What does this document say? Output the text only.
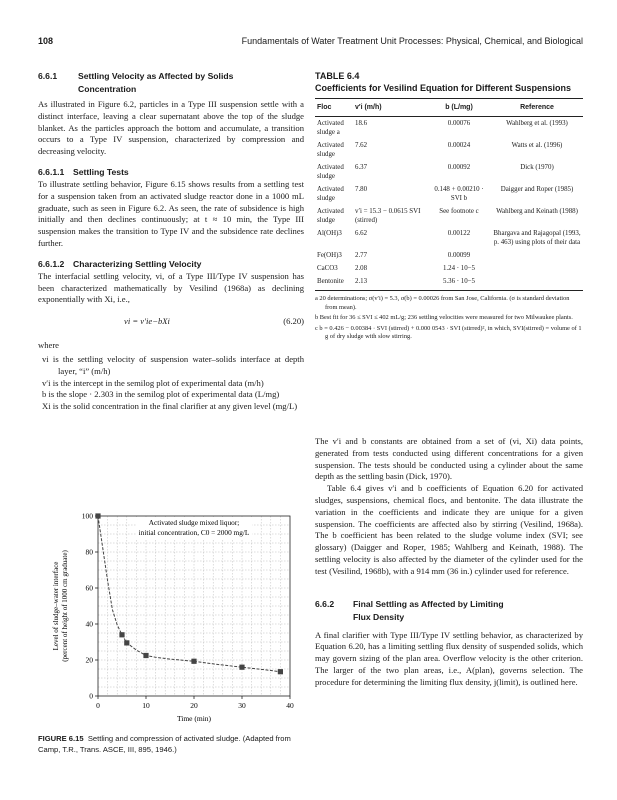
108	Fundamentals of Water Treatment Unit Processes: Physical, Chemical, and Biological
6.6.1 Settling Velocity as Affected by Solids
Concentration

As illustrated in Figure 6.2, particles in a Type III suspension settle with a distinct interface, leaving a clear supernatant above the top of the sludge blanket. As the particles approach the bottom and accumulate, a transition occurs to a Type IV suspension, characterized by compression and decreasing velocity.

6.6.1.1 Settling Tests

To illustrate settling behavior, Figure 6.15 shows results from a settling test for a suspension taken from an activated sludge reactor done in a 1000 mL graduate, such as seen in Figure 6.2. As seen, the rate of subsidence is high initially and then declines continuously; at t ≈ 10 min, the Type III suspension makes the transition to Type IV and the subsidence rate declines further.

6.6.1.2 Characterizing Settling Velocity

The interfacial settling velocity, vi, of a Type III/Type IV suspension has been characterized mathematically by Vesilind (1968a) as declining exponentially with Xi, i.e.,

vi = v′ie−bXi	(6.20)

where

vi is the settling velocity of suspension water–solids interface at depth layer, “i” (m/h)
v′i is the intercept in the semilog plot of experimental data (m/h)
b is the slope · 2.303 in the semilog plot of experimental data (L/mg)
Xi is the solid concentration in the final clarifier at any given level (mg/L)
0	10	20	30	40
0
20
40
60
80
100
Time (min)
Level of sludge–water interface (percent of height of 1000 cm graduate)
Activated sludge mixed liquor;
initial concentration, C0 = 2000 mg/L
FIGURE 6.15 Settling and compression of activated sludge. (Adapted from Camp, T.R., Trans. ASCE, III, 895, 1946.)

TABLE 6.4

Coefficients for Vesilind Equation for Different Suspensions

Floc	v′i (m/h)	b (L/mg)	Reference
Activated sludge a	18.6	0.00076	Wahlberg et al. (1993)
Activated sludge	7.62	0.00024	Watts et al. (1996)
Activated sludge	6.37	0.00092	Dick (1970)
Activated sludge	7.80	0.148 + 0.00210 · SVI b	Daigger and Roper (1985)
Activated sludge	v′i = 15.3 − 0.0615 SVI (stirred)	See footnote c	Wahlberg and Keinath (1988)
Al(OH)3	6.62	0.00122	Bhargava and Rajagopal (1993, p. 463) using plots of their data
Fe(OH)3	2.77	0.00099	
CaCO3	2.08	1.24 · 10−5	
Bentonite	2.13	5.36 · 10−5	

a 20 determinations; σ(v′i) = 5.3, σ(b) = 0.00026 from San Jose, California. (σ is standard deviation from mean).

b Best fit for 36 ≤ SVI ≤ 402 mL/g; 236 settling velocities were measured for two Milwaukee plants.

c b = 0.426 − 0.00384 · SVI (stirred) + 0.000 0543 · SVI (stirred)², in which, SVI(stirred) = volume of 1 g of dry sludge with slow stirring.

The v′i and b constants are obtained from a set of (vi, Xi) data points, generated from tests conducted using different concentrations for a given suspension. The tests should be conducted using a cylinder about the same depth as the settling basin (Dick, 1970).

Table 6.4 gives v′i and b coefficients of Equation 6.20 for activated sludges, suspensions, chemical flocs, and bentonite. The data illustrate the variation in the coefficients and indicate they are unique for a given suspension. The coefficients are affected also by stirring (Vesilind, 1968a). The b coefficient has been related to the sludge volume index (SVI; see glossary) (Daigger and Roper, 1985; Wahlberg and Keinath, 1988). The settling velocity is also affected by the diameter of the cylinder used for the test (Vesilind, 1968b), with a 914 mm (36 in.) cylinder used for reference.

6.6.2 Final Settling as Affected by Limiting
Flux Density

A final clarifier with Type III/Type IV settling behavior, as characterized by Equation 6.20, has a limiting settling flux density of suspended solids, which may govern sizing of the plan area. Overflow velocity is the other criterion. The larger of the two plan areas, i.e., A(plan), governs selection. The procedure for determining the limiting flux density, j(limit), is outlined here.
